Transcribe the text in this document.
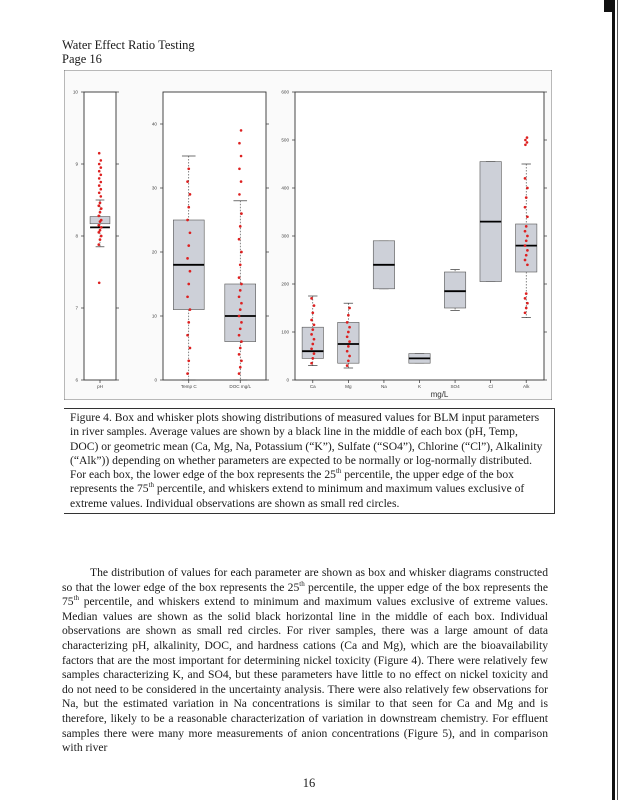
Water Effect Ratio Testing
Page 16
6
7
8
9
10
pH
0
10
20
30
40
Temp C	DOC mg/L
0
100
200
300
400
500
600
Ca	Mg	Na	K	SO4	Cl	Alk
mg/L
Figure 4. Box and whisker plots showing distributions of measured values for BLM input parameters in river samples. Average values are shown by a black line in the middle of each box (pH, Temp, DOC) or geometric mean (Ca, Mg, Na, Potassium (“K”), Sulfate (“SO4”), Chlorine (“Cl”), Alkalinity (“Alk”)) depending on whether parameters are expected to be normally or log-normally distributed. For each box, the lower edge of the box represents the 25th percentile, the upper edge of the box represents the 75th percentile, and whiskers extend to minimum and maximum values exclusive of extreme values. Individual observations are shown as small red circles.

The distribution of values for each parameter are shown as box and whisker diagrams constructed so that the lower edge of the box represents the 25th percentile, the upper edge of the box represents the 75th percentile, and whiskers extend to minimum and maximum values exclusive of extreme values. Median values are shown as the solid black horizontal line in the middle of each box. Individual observations are shown as small red circles. For river samples, there was a large amount of data characterizing pH, alkalinity, DOC, and hardness cations (Ca and Mg), which are the bioavailability factors that are the most important for determining nickel toxicity (Figure 4). There were relatively few samples characterizing K, and SO4, but these parameters have little to no effect on nickel toxicity and do not need to be considered in the uncertainty analysis. There were also relatively few observations for Na, but the estimated variation in Na concentrations is similar to that seen for Ca and Mg and is therefore, likely to be a reasonable characterization of variation in downstream chemistry. For effluent samples there were many more measurements of anion concentrations (Figure 5), and in comparison with river

16
